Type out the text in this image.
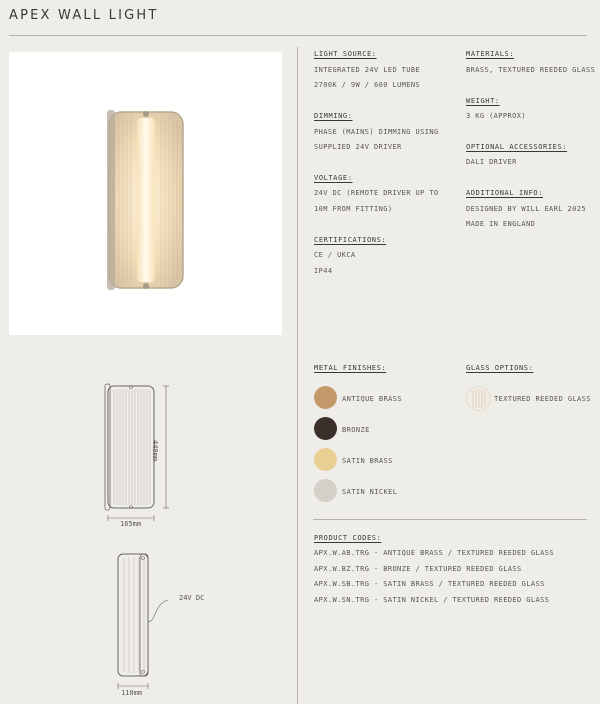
APEX WALL LIGHT
LIGHT SOURCE:
INTEGRATED 24V LED TUBE
2700K / 9W / 600 LUMENS
DIMMING:
PHASE (MAINS) DIMMING USING
SUPPLIED 24V DRIVER
VOLTAGE:
24V DC (REMOTE DRIVER UP TO
10M FROM FITTING)
CERTIFICATIONS:
CE / UKCA
IP44
MATERIALS:
BRASS, TEXTURED REEDED GLASS
WEIGHT:
3 KG (APPROX)
OPTIONAL ACCESSORIES:
DALI DRIVER
ADDITIONAL INFO:
DESIGNED BY WILL EARL 2025
MADE IN ENGLAND
METAL FINISHES:
ANTIQUE BRASS
BRONZE
SATIN BRASS
SATIN NICKEL
GLASS OPTIONS:
TEXTURED REEDED GLASS
PRODUCT CODES:
APX.W.AB.TRG - ANTIQUE BRASS / TEXTURED REEDED GLASS
APX.W.BZ.TRG - BRONZE / TEXTURED REEDED GLASS
APX.W.SB.TRG - SATIN BRASS / TEXTURED REEDED GLASS
APX.W.SN.TRG - SATIN NICKEL / TEXTURED REEDED GLASS
440mm
165mm
24V DC
110mm
